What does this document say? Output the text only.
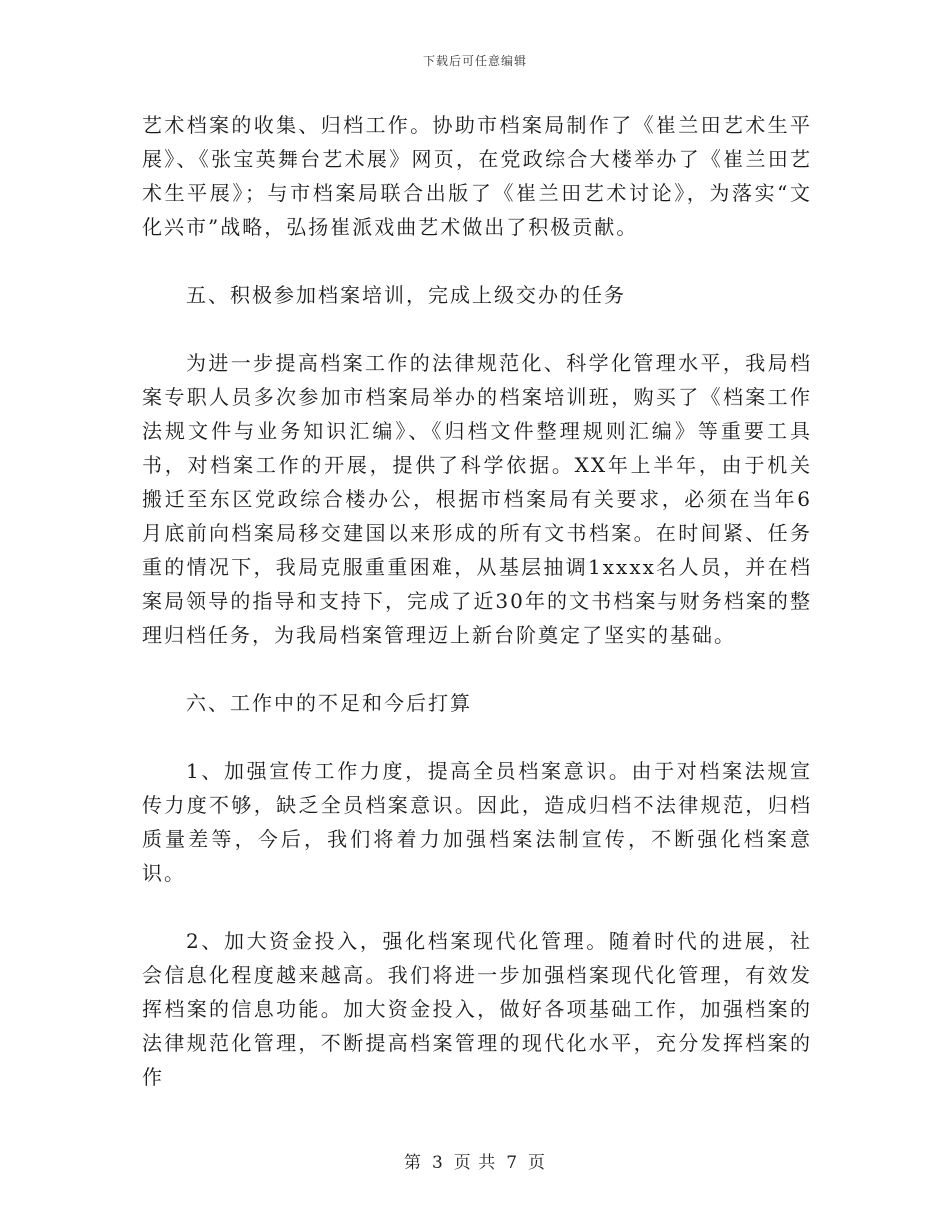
下载后可任意编辑

艺术档案的收集、归档工作。协助市档案局制作了《崔兰田艺术生平展》、《张宝英舞台艺术展》网页，在党政综合大楼举办了《崔兰田艺术生平展》；与市档案局联合出版了《崔兰田艺术讨论》，为落实“文化兴市”战略，弘扬崔派戏曲艺术做出了积极贡献。

五、积极参加档案培训，完成上级交办的任务

为进一步提高档案工作的法律规范化、科学化管理水平，我局档案专职人员多次参加市档案局举办的档案培训班，购买了《档案工作法规文件与业务知识汇编》、《归档文件整理规则汇编》等重要工具书，对档案工作的开展，提供了科学依据。XX年上半年，由于机关搬迁至东区党政综合楼办公，根据市档案局有关要求，必须在当年6月底前向档案局移交建国以来形成的所有文书档案。在时间紧、任务重的情况下，我局克服重重困难，从基层抽调1xxxx名人员，并在档案局领导的指导和支持下，完成了近30年的文书档案与财务档案的整理归档任务，为我局档案管理迈上新台阶奠定了坚实的基础。

六、工作中的不足和今后打算

1、加强宣传工作力度，提高全员档案意识。由于对档案法规宣传力度不够，缺乏全员档案意识。因此，造成归档不法律规范，归档质量差等，今后，我们将着力加强档案法制宣传，不断强化档案意识。

2、加大资金投入，强化档案现代化管理。随着时代的进展，社会信息化程度越来越高。我们将进一步加强档案现代化管理，有效发挥档案的信息功能。加大资金投入，做好各项基础工作，加强档案的法律规范化管理，不断提高档案管理的现代化水平，充分发挥档案的作

第 3 页 共 7 页
